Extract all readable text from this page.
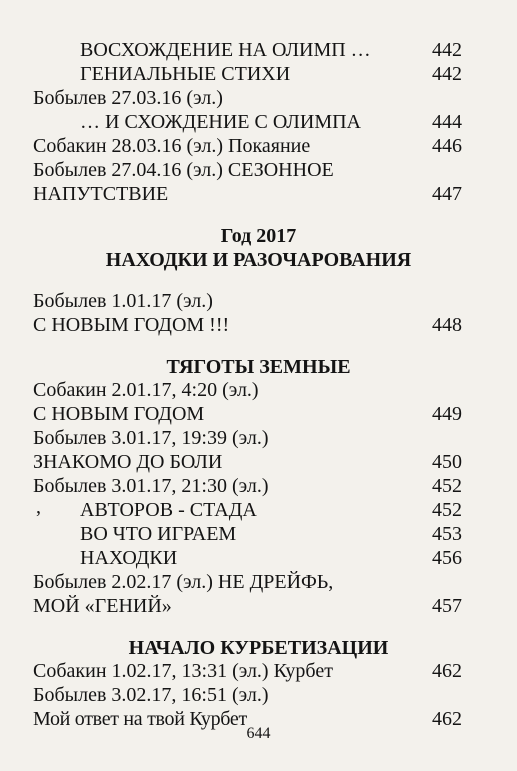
ВОСХОЖДЕНИЕ НА ОЛИМП …	442
ГЕНИАЛЬНЫЕ СТИХИ	442
Бобылев 27.03.16 (эл.)
… И СХОЖДЕНИЕ С ОЛИМПА	444
Собакин 28.03.16 (эл.) Покаяние	446
Бобылев 27.04.16 (эл.) СЕЗОННОЕ
НАПУТСТВИЕ	447
Год 2017
НАХОДКИ И РАЗОЧАРОВАНИЯ
Бобылев 1.01.17 (эл.)
С НОВЫМ ГОДОМ !!!	448
ТЯГОТЫ ЗЕМНЫЕ
Собакин 2.01.17, 4:20 (эл.)
С НОВЫМ ГОДОМ	449
Бобылев 3.01.17, 19:39 (эл.)
ЗНАКОМО ДО БОЛИ	450
Бобылев 3.01.17, 21:30 (эл.)	452
, АВТОРОВ - СТАДА	452
ВО ЧТО ИГРАЕМ	453
НАХОДКИ	456
Бобылев 2.02.17 (эл.) НЕ ДРЕЙФЬ,
МОЙ «ГЕНИЙ»	457
НАЧАЛО КУРБЕТИЗАЦИИ
Собакин 1.02.17, 13:31 (эл.) Курбет	462
Бобылев 3.02.17, 16:51 (эл.)
Мой ответ на твой Курбет	462
644
